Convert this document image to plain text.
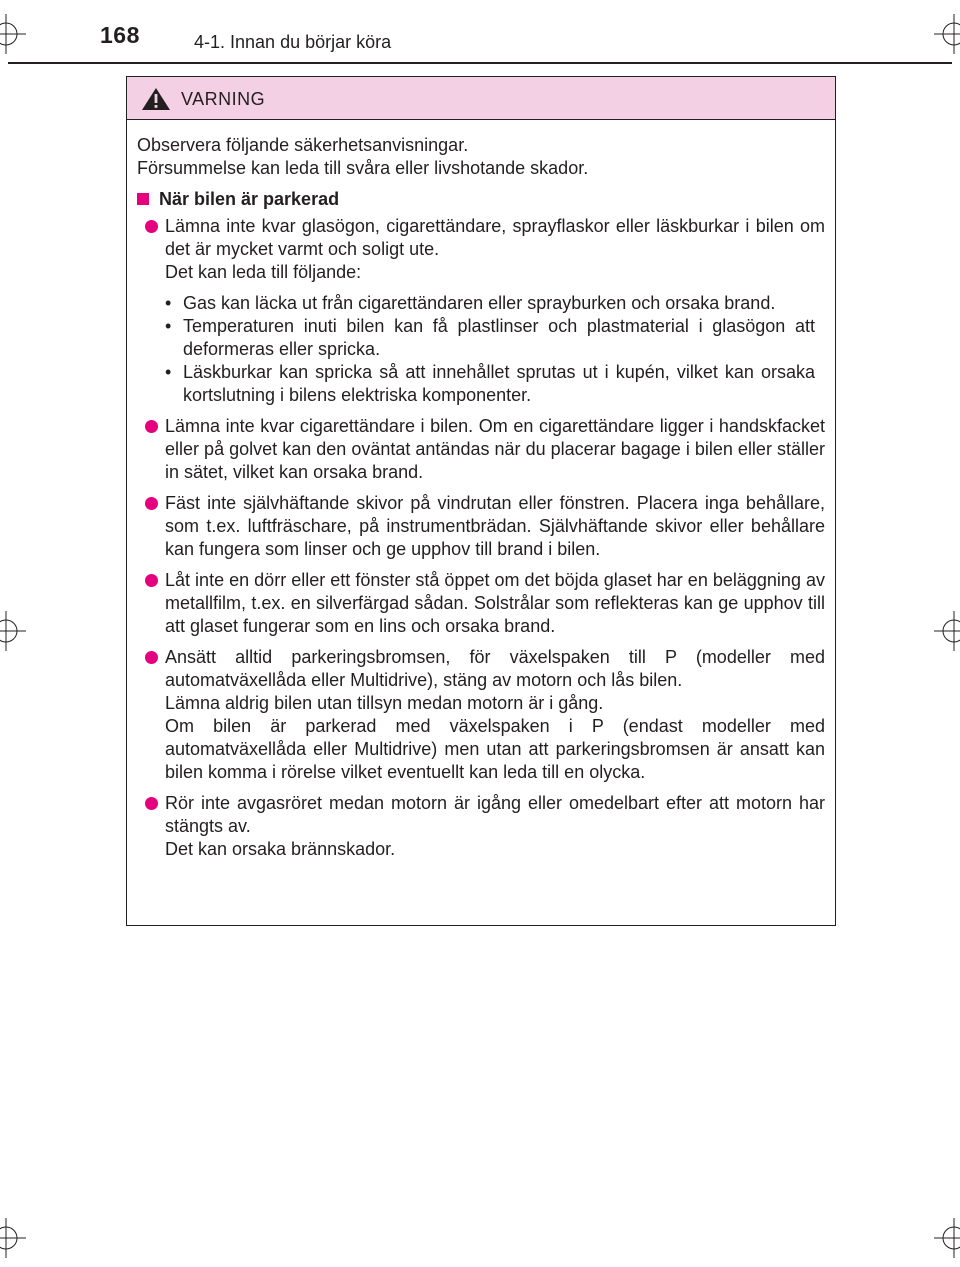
168	4-1. Innan du börjar köra
VARNING

Observera följande säkerhetsanvisningar.

Försummelse kan leda till svåra eller livshotande skador.

När bilen är parkerad

Lämna inte kvar glasögon, cigarettändare, sprayflaskor eller läskburkar i bilen om det är mycket varmt och soligt ute.

Det kan leda till följande:

• Gas kan läcka ut från cigarettändaren eller sprayburken och orsaka brand.
• Temperaturen inuti bilen kan få plastlinser och plastmaterial i glasögon att deformeras eller spricka.
• Läskburkar kan spricka så att innehållet sprutas ut i kupén, vilket kan orsaka kortslutning i bilens elektriska komponenter.

Lämna inte kvar cigarettändare i bilen. Om en cigarettändare ligger i handskfacket eller på golvet kan den oväntat antändas när du placerar bagage i bilen eller ställer in sätet, vilket kan orsaka brand.

Fäst inte självhäftande skivor på vindrutan eller fönstren. Placera inga behållare, som t.ex. luftfräschare, på instrumentbrädan. Självhäftande skivor eller behållare kan fungera som linser och ge upphov till brand i bilen.

Låt inte en dörr eller ett fönster stå öppet om det böjda glaset har en beläggning av metallfilm, t.ex. en silverfärgad sådan. Solstrålar som reflekteras kan ge upphov till att glaset fungerar som en lins och orsaka brand.

Ansätt alltid parkeringsbromsen, för växelspaken till P (modeller med automatväxellåda eller Multidrive), stäng av motorn och lås bilen.

Lämna aldrig bilen utan tillsyn medan motorn är i gång.

Om bilen är parkerad med växelspaken i P (endast modeller med automatväxellåda eller Multidrive) men utan att parkeringsbromsen är ansatt kan bilen komma i rörelse vilket eventuellt kan leda till en olycka.

Rör inte avgasröret medan motorn är igång eller omedelbart efter att motorn har stängts av.

Det kan orsaka brännskador.
